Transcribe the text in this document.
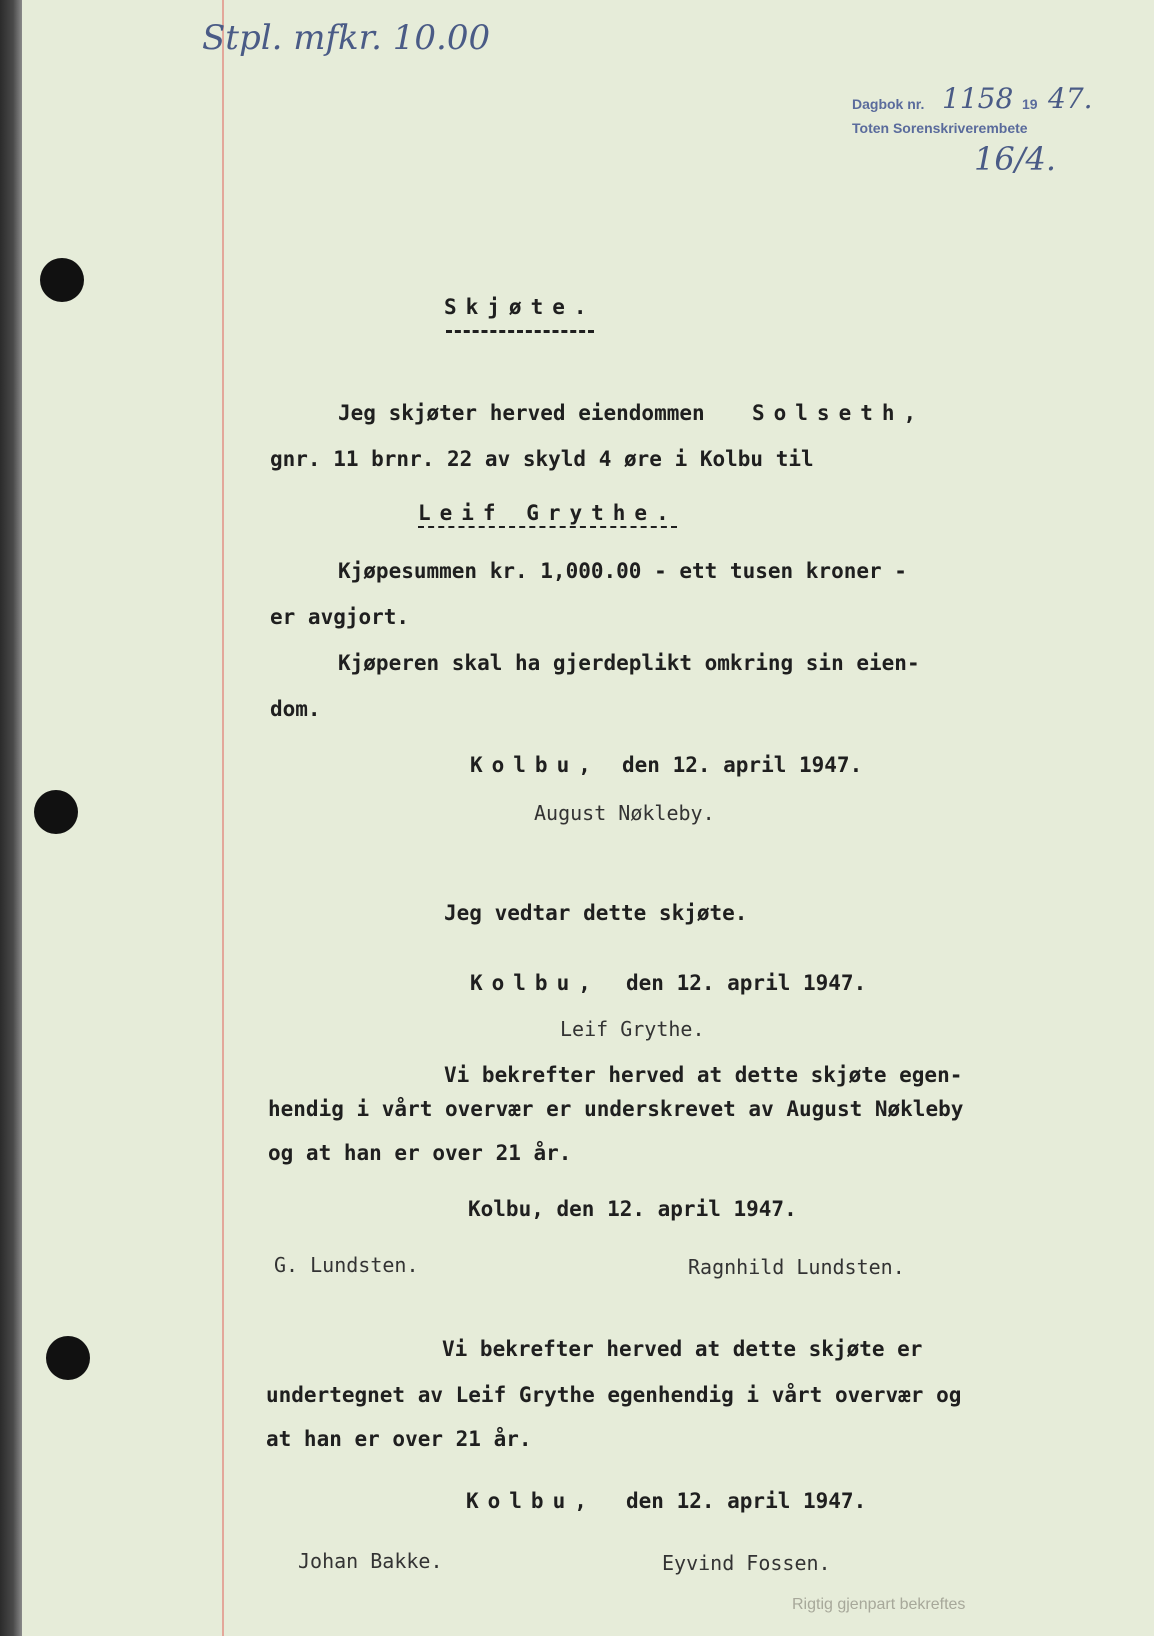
Stpl. mfkr. 10.00
Dagbok nr. 1158 19 47.
Toten Sorenskriverembete
16/4.
Skjøte.
Jeg skjøter herved eiendommen Solseth,
gnr. 11 brnr. 22 av skyld 4 øre i Kolbu til
Leif Grythe.
Kjøpesummen kr. 1,000.00 - ett tusen kroner -
er avgjort.
Kjøperen skal ha gjerdeplikt omkring sin eien-
dom.
Kolbu, den 12. april 1947.
August Nøkleby.
Jeg vedtar dette skjøte.
Kolbu, den 12. april 1947.
Leif Grythe.
Vi bekrefter herved at dette skjøte egen-
hendig i vårt overvær er underskrevet av August Nøkleby
og at han er over 21 år.
Kolbu, den 12. april 1947.
G. Lundsten.	Ragnhild Lundsten.
Vi bekrefter herved at dette skjøte er
undertegnet av Leif Grythe egenhendig i vårt overvær og
at han er over 21 år.
Kolbu, den 12. april 1947.
Johan Bakke.	Eyvind Fossen.
Rigtig gjenpart bekreftes
